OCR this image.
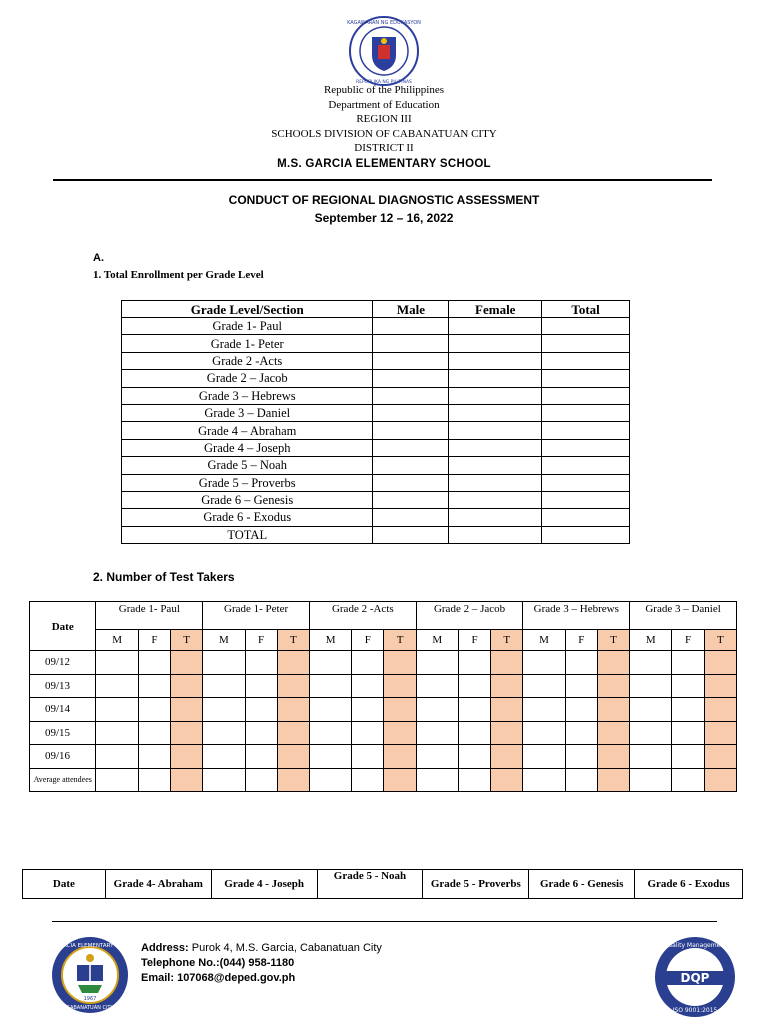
KAGAWARAN NG EDUKASYON
REPUBLIKA NG PILIPINAS
Republic of the Philippines
Department of Education
REGION III
SCHOOLS DIVISION OF CABANATUAN CITY
DISTRICT II
M.S. GARCIA ELEMENTARY SCHOOL
CONDUCT OF REGIONAL DIAGNOSTIC ASSESSMENT
September 12 – 16, 2022
A.
1. Total Enrollment per Grade Level
Grade Level/Section	Male	Female	Total
Grade 1- Paul			
Grade 1- Peter			
Grade 2 -Acts			
Grade 2 – Jacob			
Grade 3 – Hebrews			
Grade 3 – Daniel			
Grade 4 – Abraham			
Grade 4 – Joseph			
Grade 5 – Noah			
Grade 5 – Proverbs			
Grade 6 – Genesis			
Grade 6 - Exodus			
TOTAL			
2. Number of Test Takers
Date	Grade 1- Paul			Grade 1- Peter			Grade 2 -Acts			Grade 2 – Jacob			Grade 3 – Hebrews			Grade 3 – Daniel		
	M	F	T	M	F	T	M	F	T	M	F	T	M	F	T	M	F	T
09/12																		
09/13																		
09/14																		
09/15																		
09/16																		
Average attendees																		
Date	Grade 4- Abraham	Grade 4 - Joseph	Grade 5 - Noah	Grade 5 - Proverbs	Grade 6 - Genesis	Grade 6 - Exodus
M.S. GARCIA ELEMENTARY SCHOOL
CABANATUAN CITY
1967
Address: Purok 4, M.S. Garcia, Cabanatuan City
Telephone No.:(044) 958-1180
Email: 107068@deped.gov.ph	DQP
Quality Management
ISO 9001:2015
